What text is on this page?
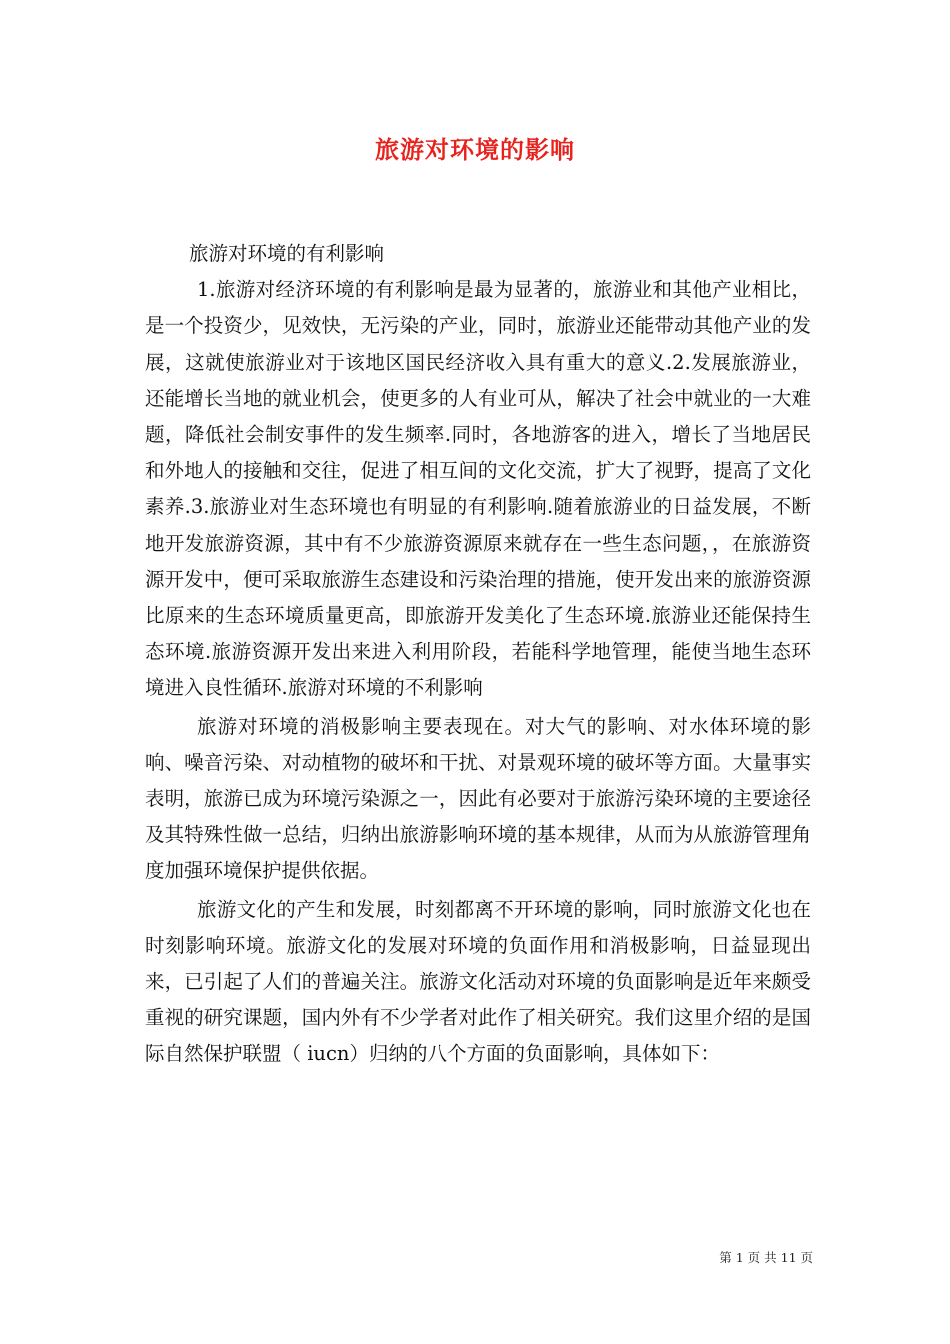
旅游对环境的影响

旅游对环境的有利影响

1.旅游对经济环境的有利影响是最为显著的，旅游业和其他产业相比，是一个投资少，见效快，无污染的产业，同时，旅游业还能带动其他产业的发展，这就使旅游业对于该地区国民经济收入具有重大的意义.2.发展旅游业，还能增长当地的就业机会，使更多的人有业可从，解决了社会中就业的一大难题，降低社会制安事件的发生频率.同时，各地游客的进入，增长了当地居民和外地人的接触和交往，促进了相互间的文化交流，扩大了视野，提高了文化素养.3.旅游业对生态环境也有明显的有利影响.随着旅游业的日益发展，不断地开发旅游资源，其中有不少旅游资源原来就存在一些生态问题，，在旅游资源开发中，便可采取旅游生态建设和污染治理的措施，使开发出来的旅游资源比原来的生态环境质量更高，即旅游开发美化了生态环境.旅游业还能保持生态环境.旅游资源开发出来进入利用阶段，若能科学地管理，能使当地生态环境进入良性循环.旅游对环境的不利影响

旅游对环境的消极影响主要表现在。对大气的影响、对水体环境的影响、噪音污染、对动植物的破坏和干扰、对景观环境的破坏等方面。大量事实表明，旅游已成为环境污染源之一，因此有必要对于旅游污染环境的主要途径及其特殊性做一总结，归纳出旅游影响环境的基本规律，从而为从旅游管理角度加强环境保护提供依据。

旅游文化的产生和发展，时刻都离不开环境的影响，同时旅游文化也在时刻影响环境。旅游文化的发展对环境的负面作用和消极影响，日益显现出来，已引起了人们的普遍关注。旅游文化活动对环境的负面影响是近年来颇受重视的研究课题，国内外有不少学者对此作了相关研究。我们这里介绍的是国际自然保护联盟（ iucn）归纳的八个方面的负面影响，具体如下：

第 1 页 共 11 页
